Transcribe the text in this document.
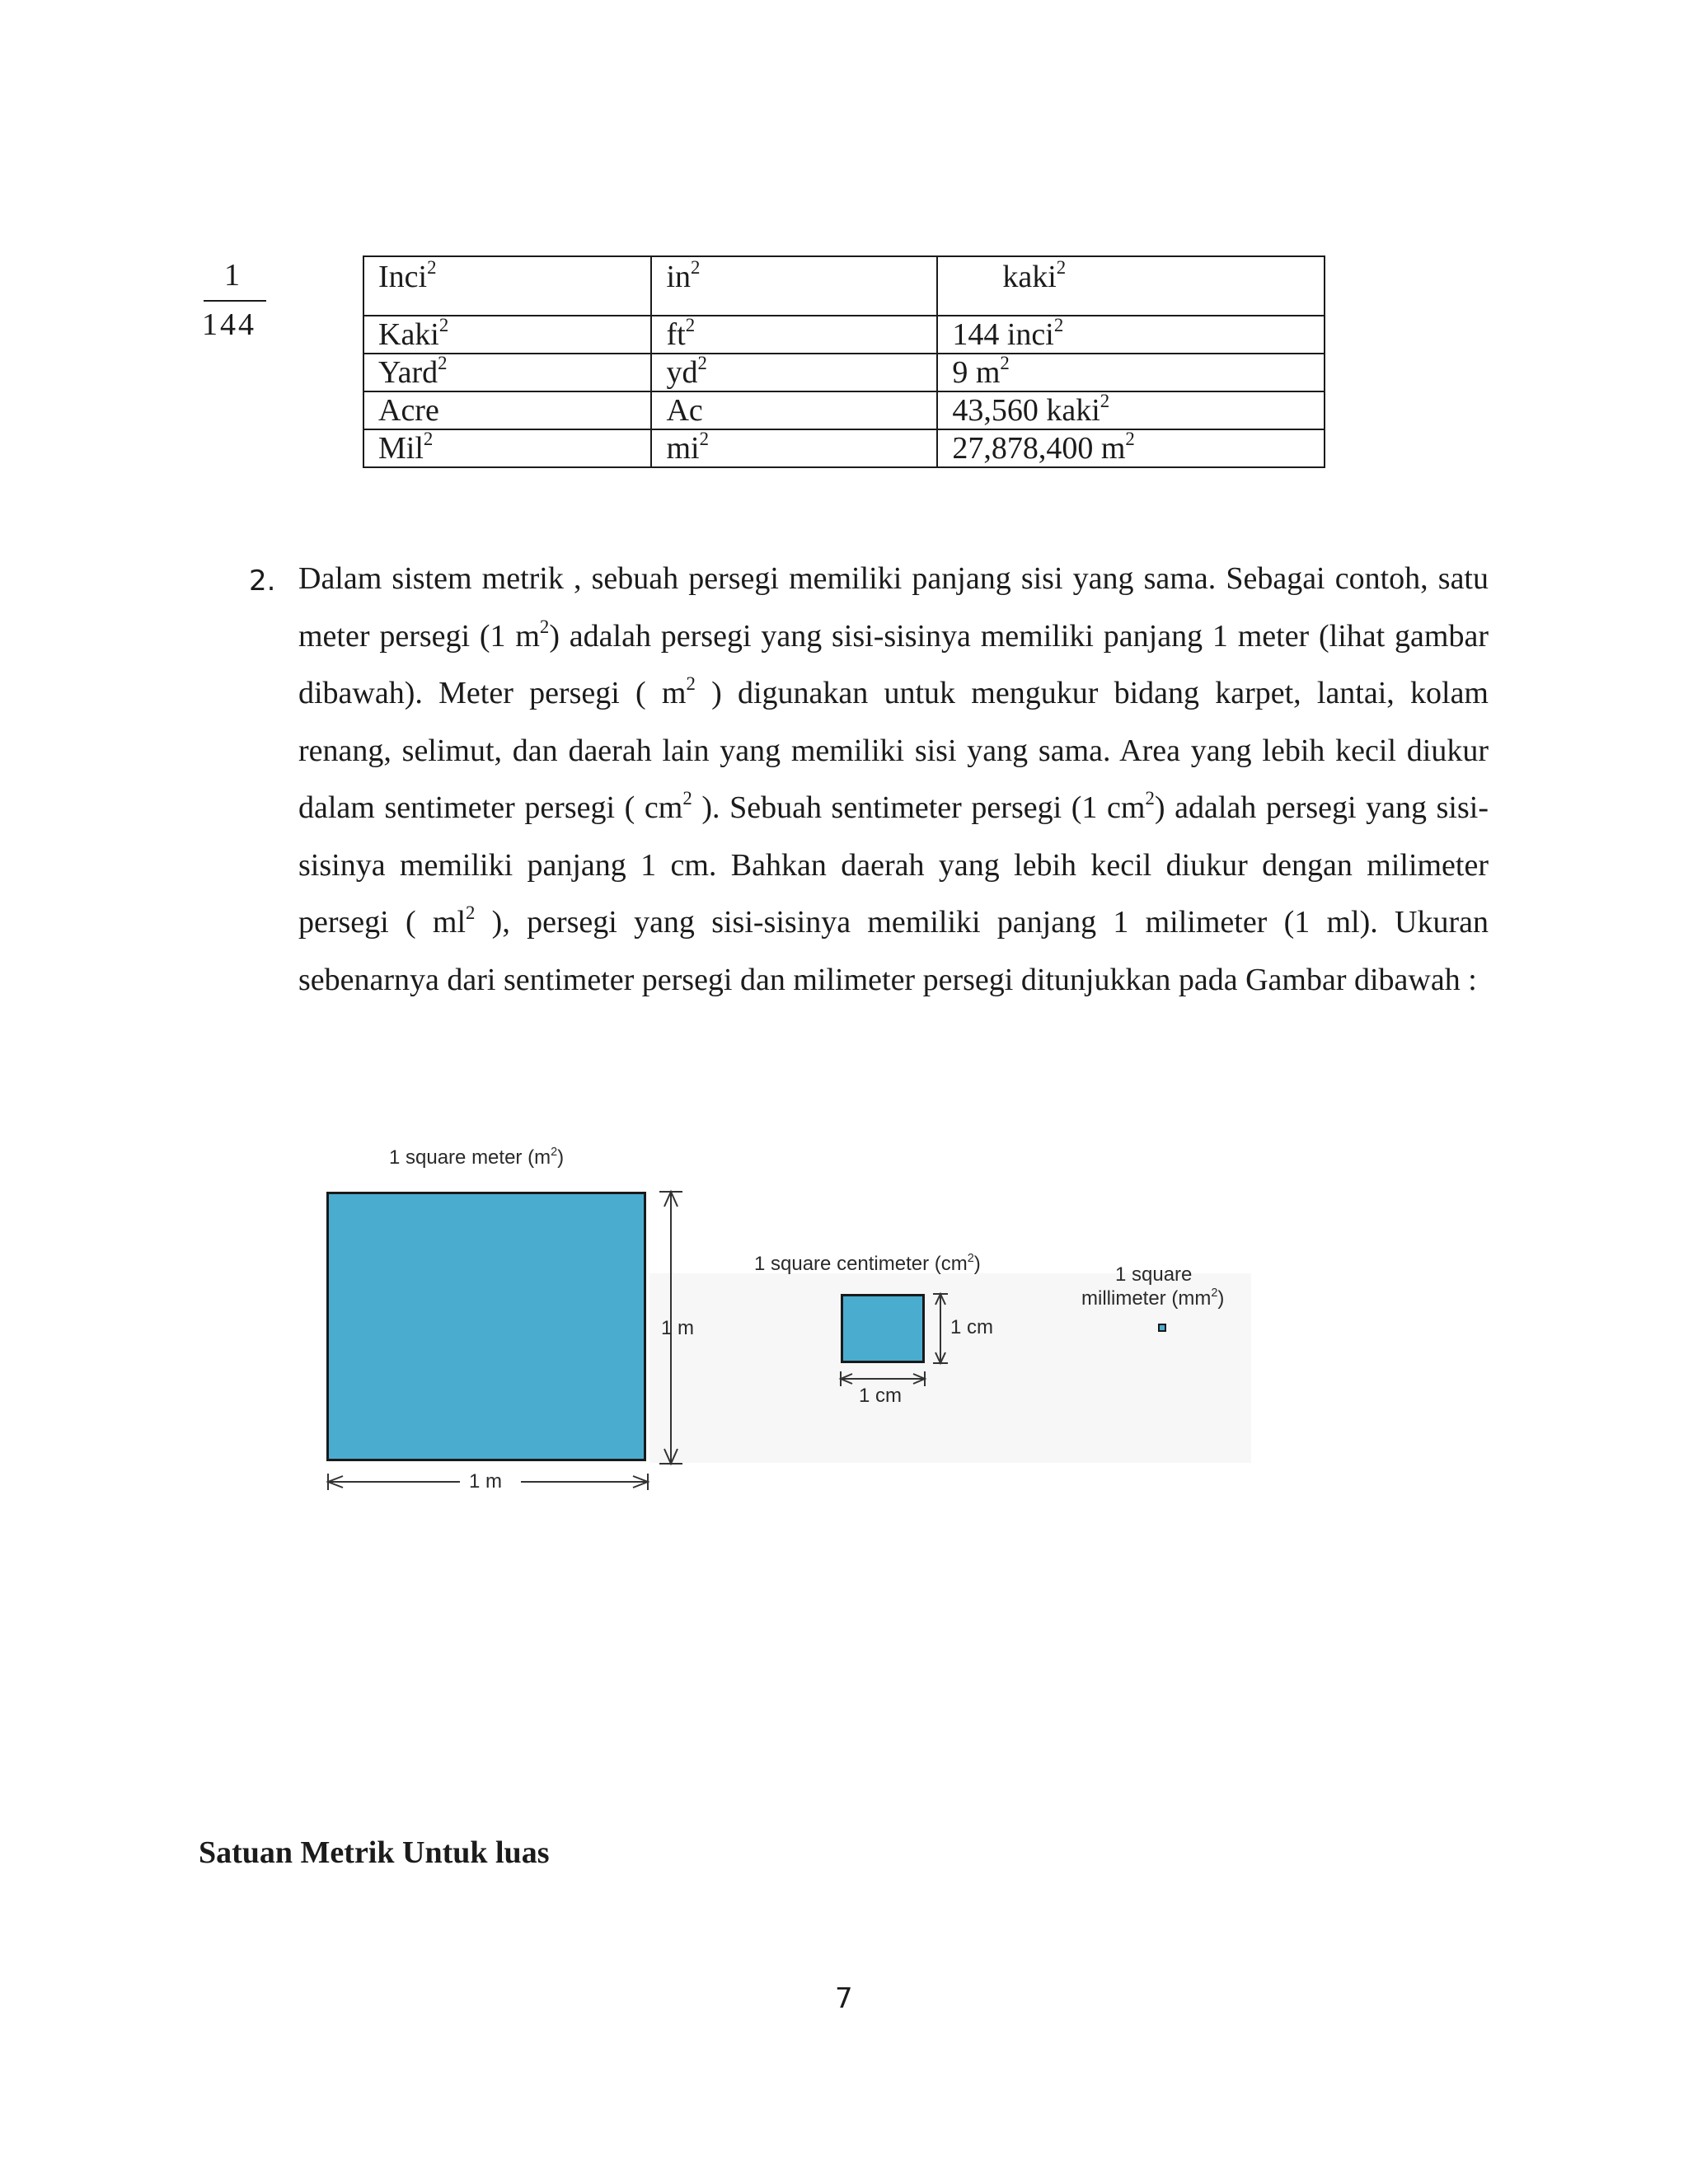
1
144
Inci$^2$	$in^2$	kaki$^2$
Kaki$^2$	$ft^2$	144 inci$^2$
Yard$^2$	$yd^2$	9 $m^2$
Acre	Ac	43,560 kaki$^2$
Mil$^2$	$mi^2$	27,878,400 $m^2$
2. Dalam sistem metrik , sebuah persegi memiliki panjang sisi yang sama. Sebagai contoh, satu meter persegi (1 $m^2$) adalah persegi yang sisi-sisinya memiliki panjang 1 meter (lihat gambar dibawah). Meter persegi ( $m^2$ ) digunakan untuk mengukur bidang karpet, lantai, kolam renang, selimut, dan daerah lain yang memiliki sisi yang sama. Area yang lebih kecil diukur dalam sentimeter persegi ( $cm^2$ ). Sebuah sentimeter persegi (1 $cm^2$) adalah persegi yang sisi-sisinya memiliki panjang 1 cm. Bahkan daerah yang lebih kecil diukur dengan milimeter persegi ( $ml^2$ ), persegi yang sisi-sisinya memiliki panjang 1 milimeter (1 ml). Ukuran sebenarnya dari sentimeter persegi dan milimeter persegi ditunjukkan pada Gambar dibawah :

1 square meter $(m^2)$
1 m
1 m
1 square centimeter $(cm^2)$
1 cm
1 cm
1 square
millimeter $(mm^2)$
Satuan Metrik Untuk luas
7
